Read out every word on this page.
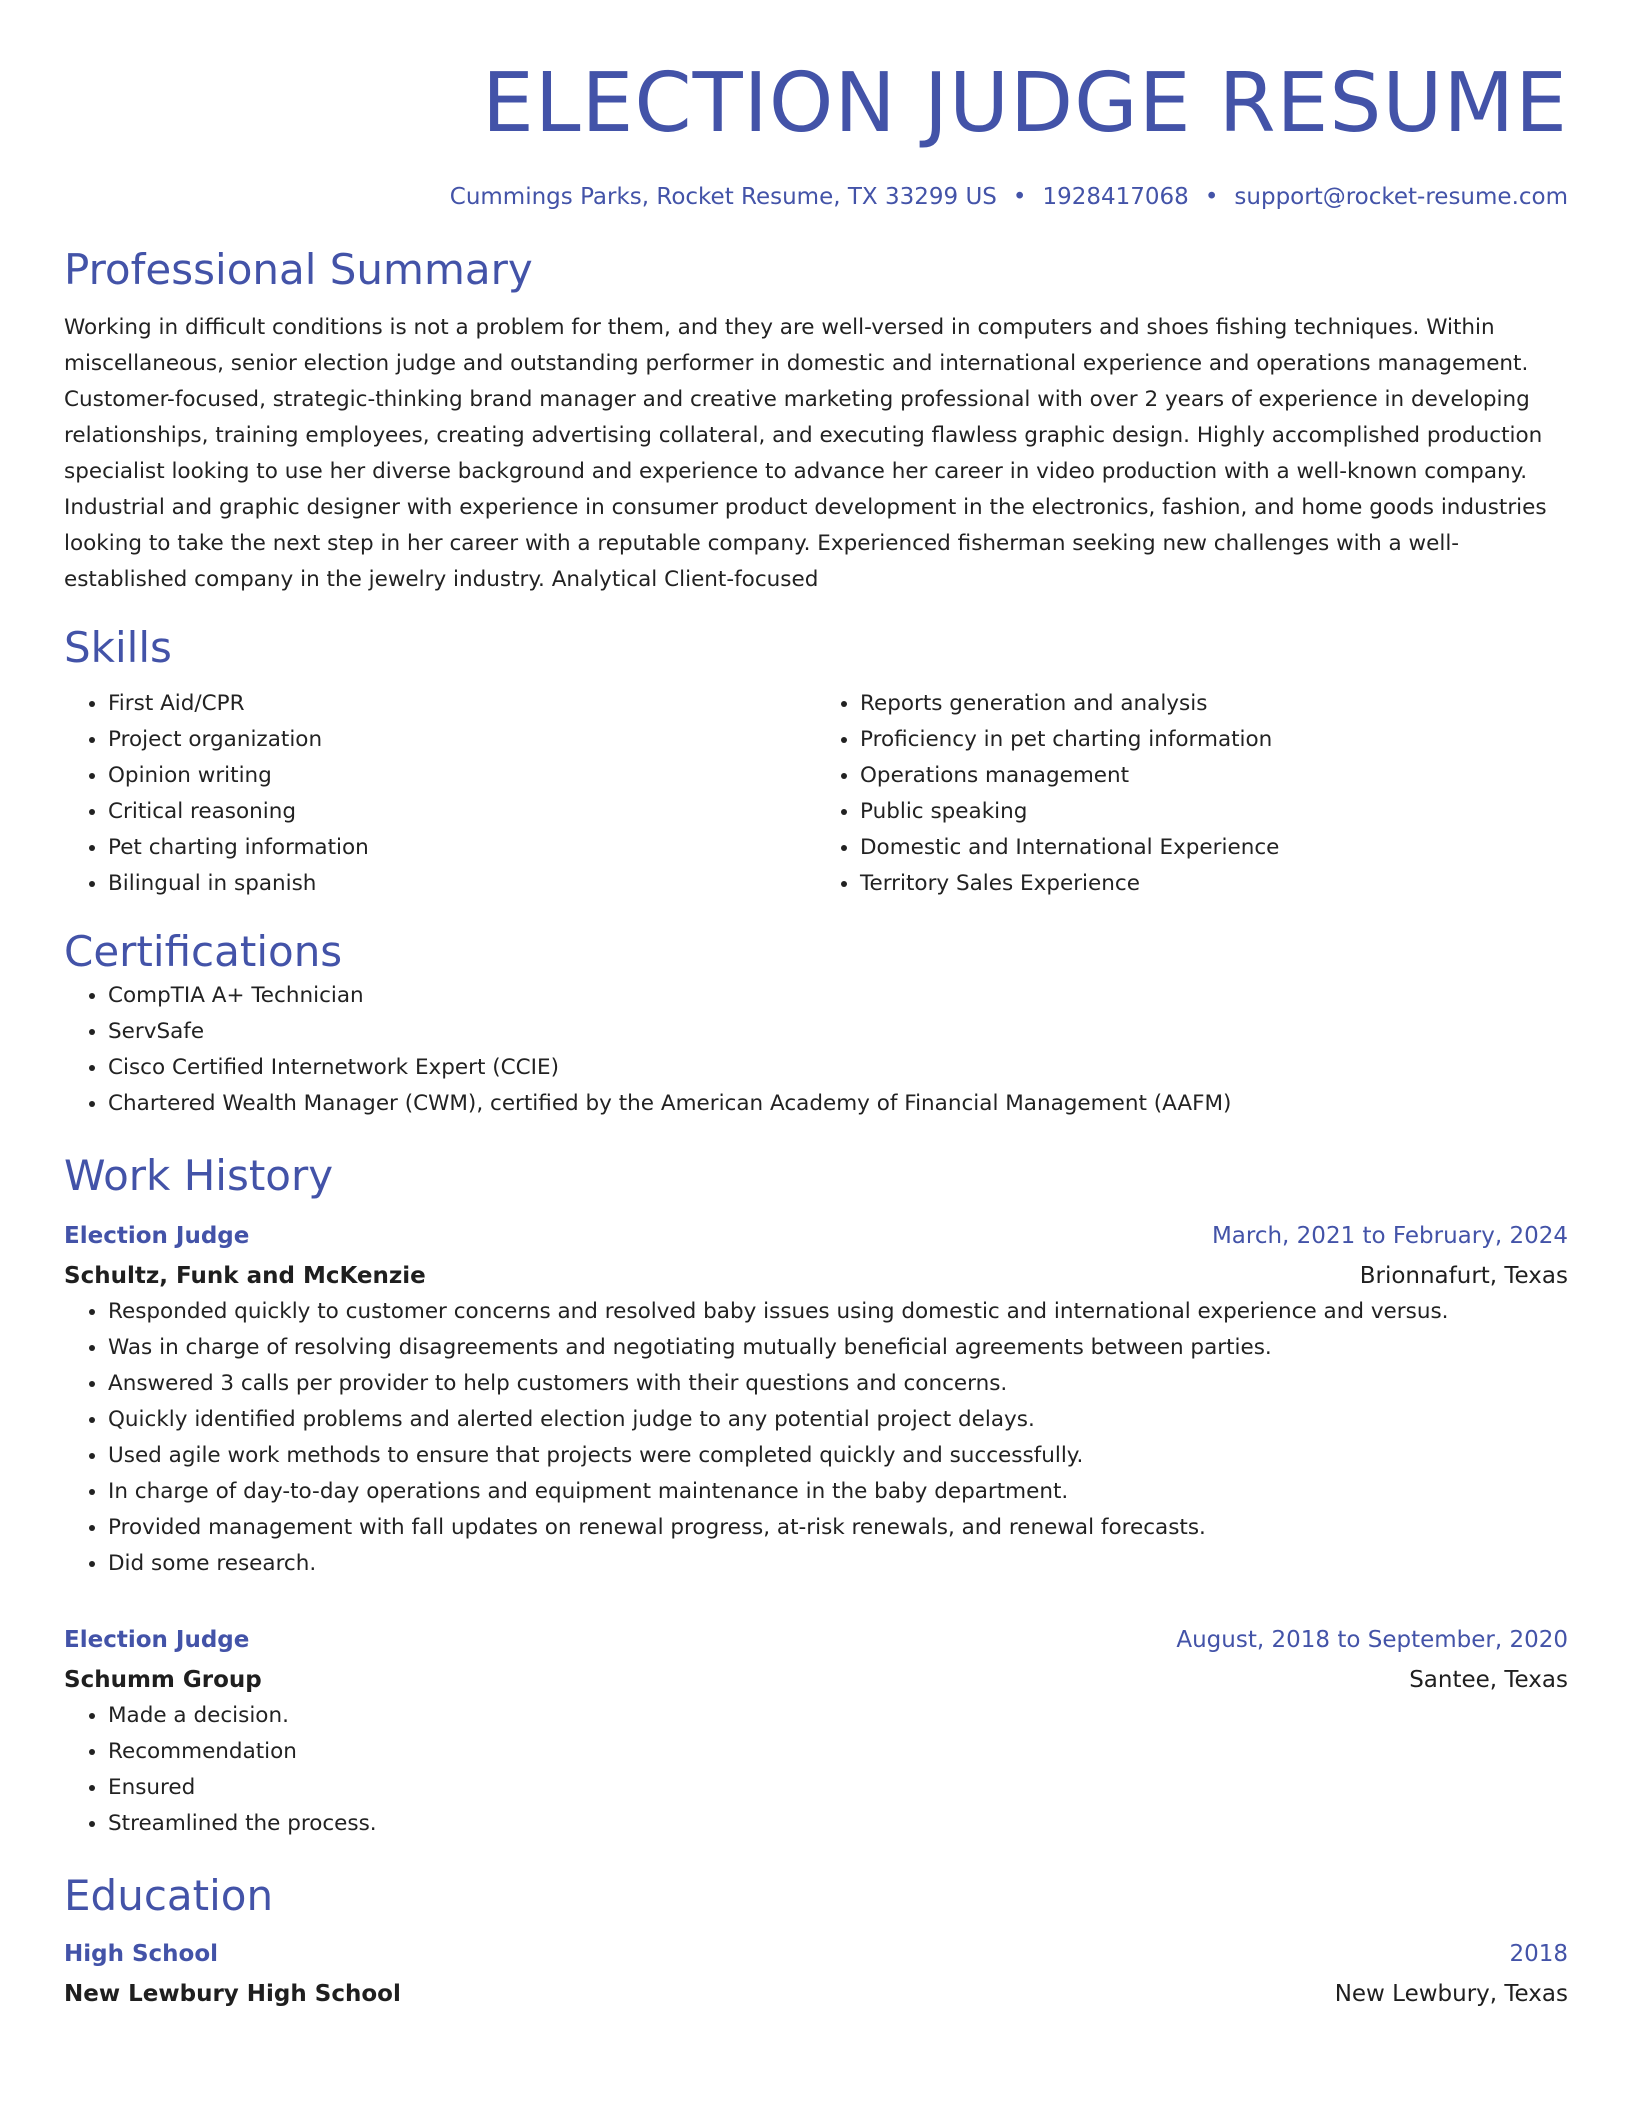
ELECTION JUDGE RESUME
Cummings Parks, Rocket Resume, TX 33299 US • 1928417068 • support@rocket-resume.com
Professional Summary

Working in difficult conditions is not a problem for them, and they are well-versed in computers and shoes fishing techniques. Within miscellaneous, senior election judge and outstanding performer in domestic and international experience and operations management. Customer-focused, strategic-thinking brand manager and creative marketing professional with over 2 years of experience in developing relationships, training employees, creating advertising collateral, and executing flawless graphic design. Highly accomplished production specialist looking to use her diverse background and experience to advance her career in video production with a well-known company. Industrial and graphic designer with experience in consumer product development in the electronics, fashion, and home goods industries looking to take the next step in her career with a reputable company. Experienced fisherman seeking new challenges with a well-established company in the jewelry industry. Analytical Client-focused

Skills
• First Aid/CPR
• Project organization
• Opinion writing
• Critical reasoning
• Pet charting information
• Bilingual in spanish
• Reports generation and analysis
• Proficiency in pet charting information
• Operations management
• Public speaking
• Domestic and International Experience
• Territory Sales Experience
Certifications
• CompTIA A+ Technician
• ServSafe
• Cisco Certified Internetwork Expert (CCIE)
• Chartered Wealth Manager (CWM), certified by the American Academy of Financial Management (AAFM)
Work History
Election Judge	March, 2021 to February, 2024
Schultz, Funk and McKenzie	Brionnafurt, Texas
• Responded quickly to customer concerns and resolved baby issues using domestic and international experience and versus.
• Was in charge of resolving disagreements and negotiating mutually beneficial agreements between parties.
• Answered 3 calls per provider to help customers with their questions and concerns.
• Quickly identified problems and alerted election judge to any potential project delays.
• Used agile work methods to ensure that projects were completed quickly and successfully.
• In charge of day-to-day operations and equipment maintenance in the baby department.
• Provided management with fall updates on renewal progress, at-risk renewals, and renewal forecasts.
• Did some research.
Election Judge	August, 2018 to September, 2020
Schumm Group	Santee, Texas
• Made a decision.
• Recommendation
• Ensured
• Streamlined the process.
Education
High School	2018
New Lewbury High School	New Lewbury, Texas
